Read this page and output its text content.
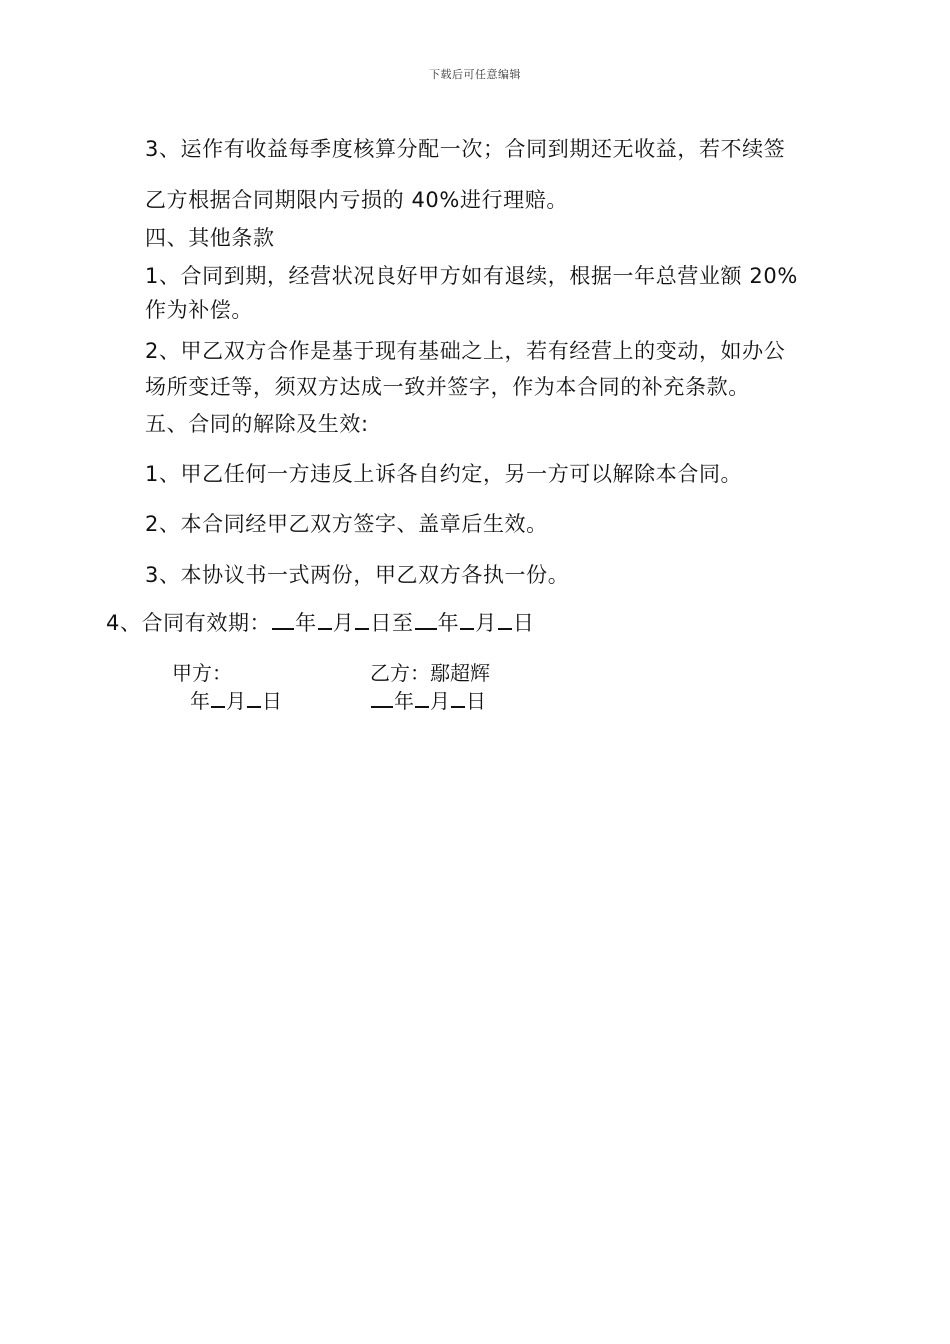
下载后可任意编辑
3、运作有收益每季度核算分配一次；合同到期还无收益，若不续签
乙方根据合同期限内亏损的 40%进行理赔。
四、其他条款
1、合同到期，经营状况良好甲方如有退续，根据一年总营业额 20%
作为补偿。
2、甲乙双方合作是基于现有基础之上，若有经营上的变动，如办公
场所变迁等，须双方达成一致并签字，作为本合同的补充条款。
五、合同的解除及生效:
1、甲乙任何一方违反上诉各自约定，另一方可以解除本合同。
2、本合同经甲乙双方签字、盖章后生效。
3、本协议书一式两份，甲乙双方各执一份。
4、合同有效期： 年 月 日至 年 月 日
甲方：	乙方：鄢超辉
年 月 日	年 月 日
